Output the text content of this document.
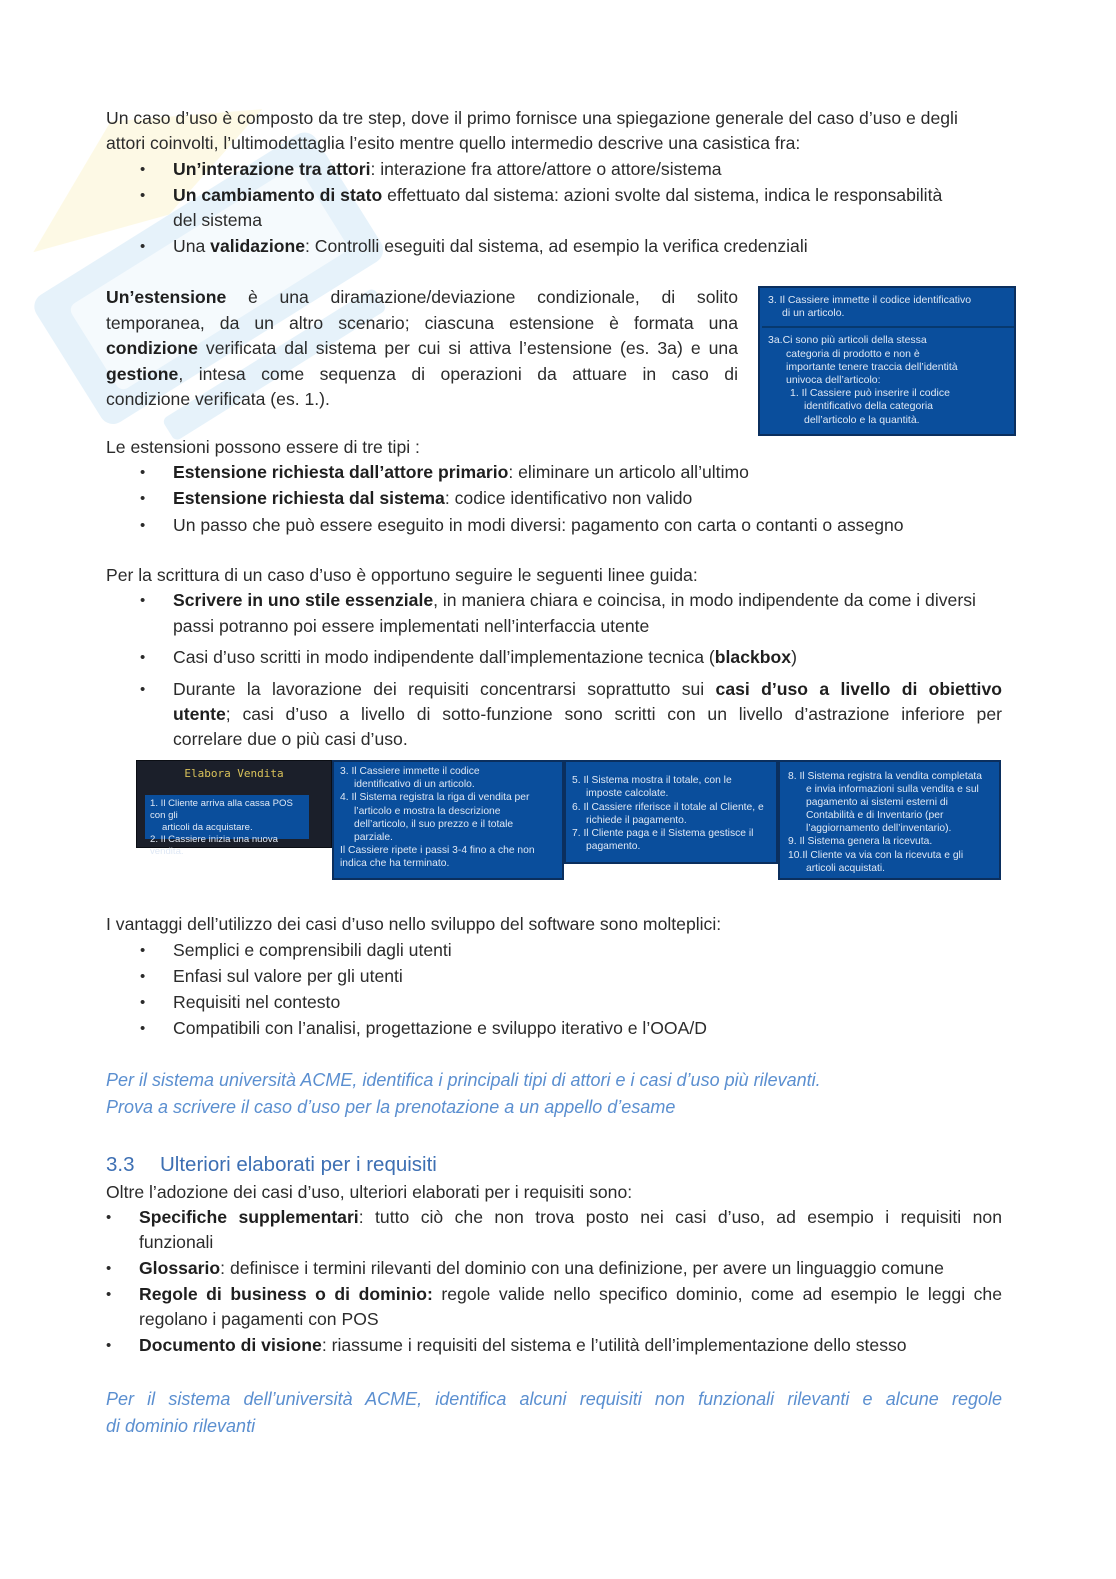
Un caso d’uso è composto da tre step, dove il primo fornisce una spiegazione generale del caso d’uso e degli
attori coinvolti, l’ultimodettaglia l’esito mentre quello intermedio descrive una casistica fra:
• Un’interazione tra attori: interazione fra attore/attore o attore/sistema
• Un cambiamento di stato effettuato dal sistema: azioni svolte dal sistema, indica le responsabilità
del sistema
• Una validazione: Controlli eseguiti dal sistema, ad esempio la verifica credenziali
Un’estensione è una diramazione/deviazione condizionale, di solito
temporanea, da un altro scenario; ciascuna estensione è formata una
condizione verificata dal sistema per cui si attiva l’estensione (es. 3a) e una
gestione, intesa come sequenza di operazioni da attuare in caso di
condizione verificata (es. 1.).
3. Il Cassiere immette il codice identificativo
di un articolo.
3a.Ci sono più articoli della stessa
categoria di prodotto e non è
importante tenere traccia dell’identità
univoca dell’articolo:
1. Il Cassiere può inserire il codice
identificativo della categoria
dell’articolo e la quantità.
Le estensioni possono essere di tre tipi :
• Estensione richiesta dall’attore primario: eliminare un articolo all’ultimo
• Estensione richiesta dal sistema: codice identificativo non valido
• Un passo che può essere eseguito in modi diversi: pagamento con carta o contanti o assegno
Per la scrittura di un caso d’uso è opportuno seguire le seguenti linee guida:
• Scrivere in uno stile essenziale, in maniera chiara e coincisa, in modo indipendente da come i diversi
passi potranno poi essere implementati nell’interfaccia utente
• Casi d’uso scritti in modo indipendente dall’implementazione tecnica (blackbox)
• Durante la lavorazione dei requisiti concentrarsi soprattutto sui casi d’uso a livello di obiettivo
utente; casi d’uso a livello di sotto-funzione sono scritti con un livello d’astrazione inferiore per
correlare due o più casi d’uso.
Elabora Vendita
1. Il Cliente arriva alla cassa POS con gli
articoli da acquistare.
2. Il Cassiere inizia una nuova vendita.
3. Il Cassiere immette il codice
identificativo di un articolo.
4. Il Sistema registra la riga di vendita per
l’articolo e mostra la descrizione
dell’articolo, il suo prezzo e il totale
parziale.
Il Cassiere ripete i passi 3-4 fino a che non
indica che ha terminato.
5. Il Sistema mostra il totale, con le
imposte calcolate.
6. Il Cassiere riferisce il totale al Cliente, e
richiede il pagamento.
7. Il Cliente paga e il Sistema gestisce il
pagamento.
8. Il Sistema registra la vendita completata
e invia informazioni sulla vendita e sul
pagamento ai sistemi esterni di
Contabilità e di Inventario (per
l’aggiornamento dell’inventario).
9. Il Sistema genera la ricevuta.
10.Il Cliente va via con la ricevuta e gli
articoli acquistati.
I vantaggi dell’utilizzo dei casi d’uso nello sviluppo del software sono molteplici:
• Semplici e comprensibili dagli utenti
• Enfasi sul valore per gli utenti
• Requisiti nel contesto
• Compatibili con l’analisi, progettazione e sviluppo iterativo e l’OOA/D
Per il sistema università ACME, identifica i principali tipi di attori e i casi d’uso più rilevanti.
Prova a scrivere il caso d’uso per la prenotazione a un appello d’esame
3.3 Ulteriori elaborati per i requisiti
Oltre l’adozione dei casi d’uso, ulteriori elaborati per i requisiti sono:
• Specifiche supplementari: tutto ciò che non trova posto nei casi d’uso, ad esempio i requisiti non
funzionali
• Glossario: definisce i termini rilevanti del dominio con una definizione, per avere un linguaggio comune
• Regole di business o di dominio: regole valide nello specifico dominio, come ad esempio le leggi che
regolano i pagamenti con POS
• Documento di visione: riassume i requisiti del sistema e l’utilità dell’implementazione dello stesso
Per il sistema dell’università ACME, identifica alcuni requisiti non funzionali rilevanti e alcune regole
di dominio rilevanti
